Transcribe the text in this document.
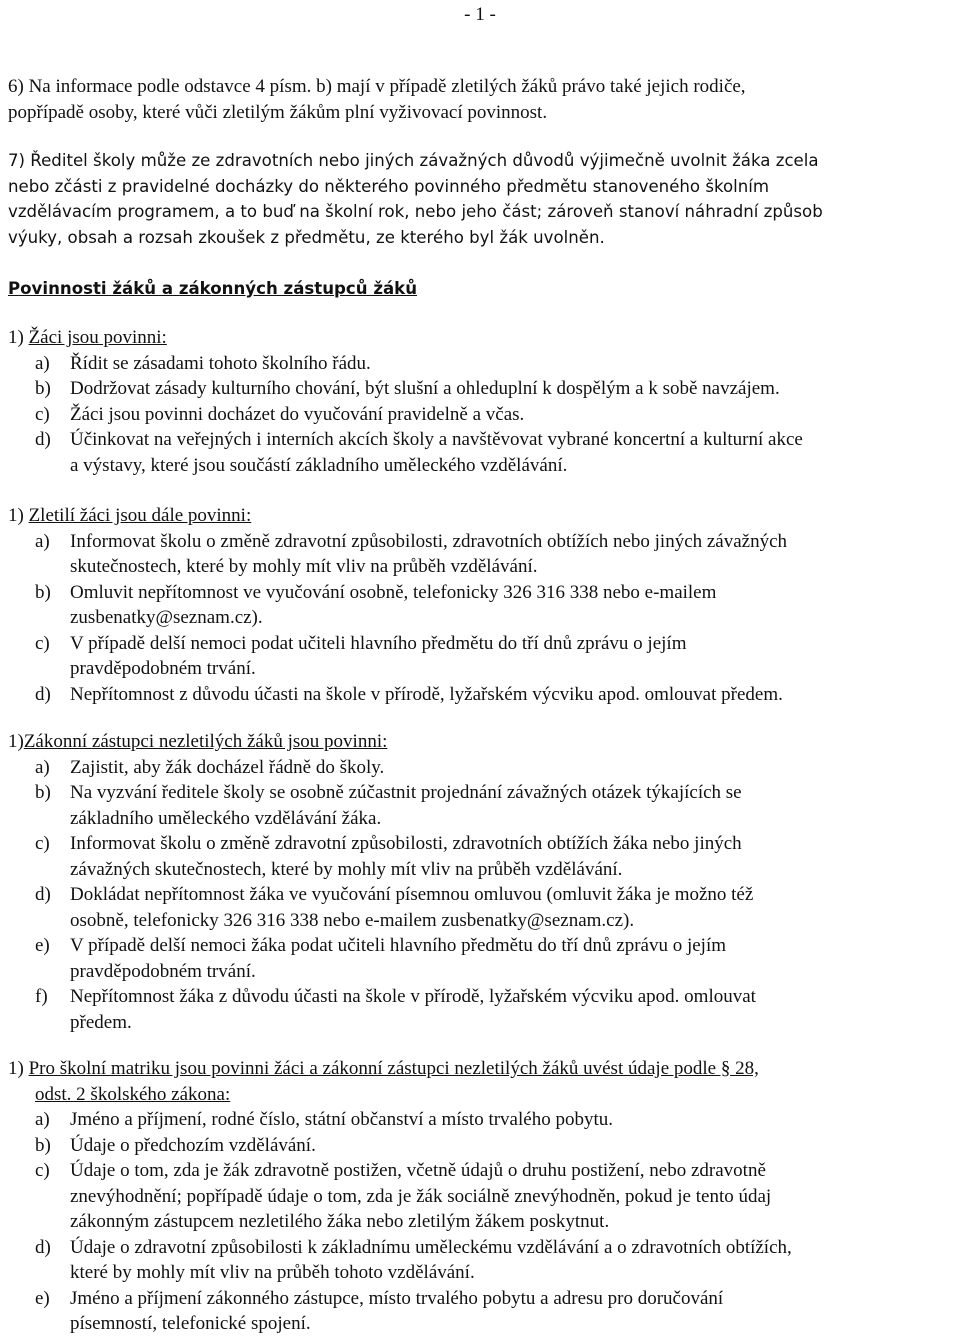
- 1 -
6) Na informace podle odstavce 4 písm. b) mají v případě zletilých žáků právo také jejich rodiče,
popřípadě osoby, které vůči zletilým žákům plní vyživovací povinnost.
7) Ředitel školy může ze zdravotních nebo jiných závažných důvodů výjimečně uvolnit žáka zcela
nebo zčásti z pravidelné docházky do některého povinného předmětu stanoveného školním
vzdělávacím programem, a to buď na školní rok, nebo jeho část; zároveň stanoví náhradní způsob
výuky, obsah a rozsah zkoušek z předmětu, ze kterého byl žák uvolněn.
Povinnosti žáků a zákonných zástupců žáků
1) Žáci jsou povinni:
a) Řídit se zásadami tohoto školního řádu.
b) Dodržovat zásady kulturního chování, být slušní a ohleduplní k dospělým a k sobě navzájem.
c) Žáci jsou povinni docházet do vyučování pravidelně a včas.
d) Účinkovat na veřejných i interních akcích školy a navštěvovat vybrané koncertní a kulturní akce
a výstavy, které jsou součástí základního uměleckého vzdělávání.
1) Zletilí žáci jsou dále povinni:
a) Informovat školu o změně zdravotní způsobilosti, zdravotních obtížích nebo jiných závažných
skutečnostech, které by mohly mít vliv na průběh vzdělávání.
b) Omluvit nepřítomnost ve vyučování osobně, telefonicky 326 316 338 nebo e-mailem
zusbenatky@seznam.cz).
c) V případě delší nemoci podat učiteli hlavního předmětu do tří dnů zprávu o jejím
pravděpodobném trvání.
d) Nepřítomnost z důvodu účasti na škole v přírodě, lyžařském výcviku apod. omlouvat předem.
1)Zákonní zástupci nezletilých žáků jsou povinni:
a) Zajistit, aby žák docházel řádně do školy.
b) Na vyzvání ředitele školy se osobně zúčastnit projednání závažných otázek týkajících se
základního uměleckého vzdělávání žáka.
c) Informovat školu o změně zdravotní způsobilosti, zdravotních obtížích žáka nebo jiných
závažných skutečnostech, které by mohly mít vliv na průběh vzdělávání.
d) Dokládat nepřítomnost žáka ve vyučování písemnou omluvou (omluvit žáka je možno též
osobně, telefonicky 326 316 338 nebo e-mailem zusbenatky@seznam.cz).
e) V případě delší nemoci žáka podat učiteli hlavního předmětu do tří dnů zprávu o jejím
pravděpodobném trvání.
f) Nepřítomnost žáka z důvodu účasti na škole v přírodě, lyžařském výcviku apod. omlouvat
předem.
1) Pro školní matriku jsou povinni žáci a zákonní zástupci nezletilých žáků uvést údaje podle § 28,
odst. 2 školského zákona:
a) Jméno a příjmení, rodné číslo, státní občanství a místo trvalého pobytu.
b) Údaje o předchozím vzdělávání.
c) Údaje o tom, zda je žák zdravotně postižen, včetně údajů o druhu postižení, nebo zdravotně
znevýhodnění; popřípadě údaje o tom, zda je žák sociálně znevýhodněn, pokud je tento údaj
zákonným zástupcem nezletilého žáka nebo zletilým žákem poskytnut.
d) Údaje o zdravotní způsobilosti k základnímu uměleckému vzdělávání a o zdravotních obtížích,
které by mohly mít vliv na průběh tohoto vzdělávání.
e) Jméno a příjmení zákonného zástupce, místo trvalého pobytu a adresu pro doručování
písemností, telefonické spojení.
